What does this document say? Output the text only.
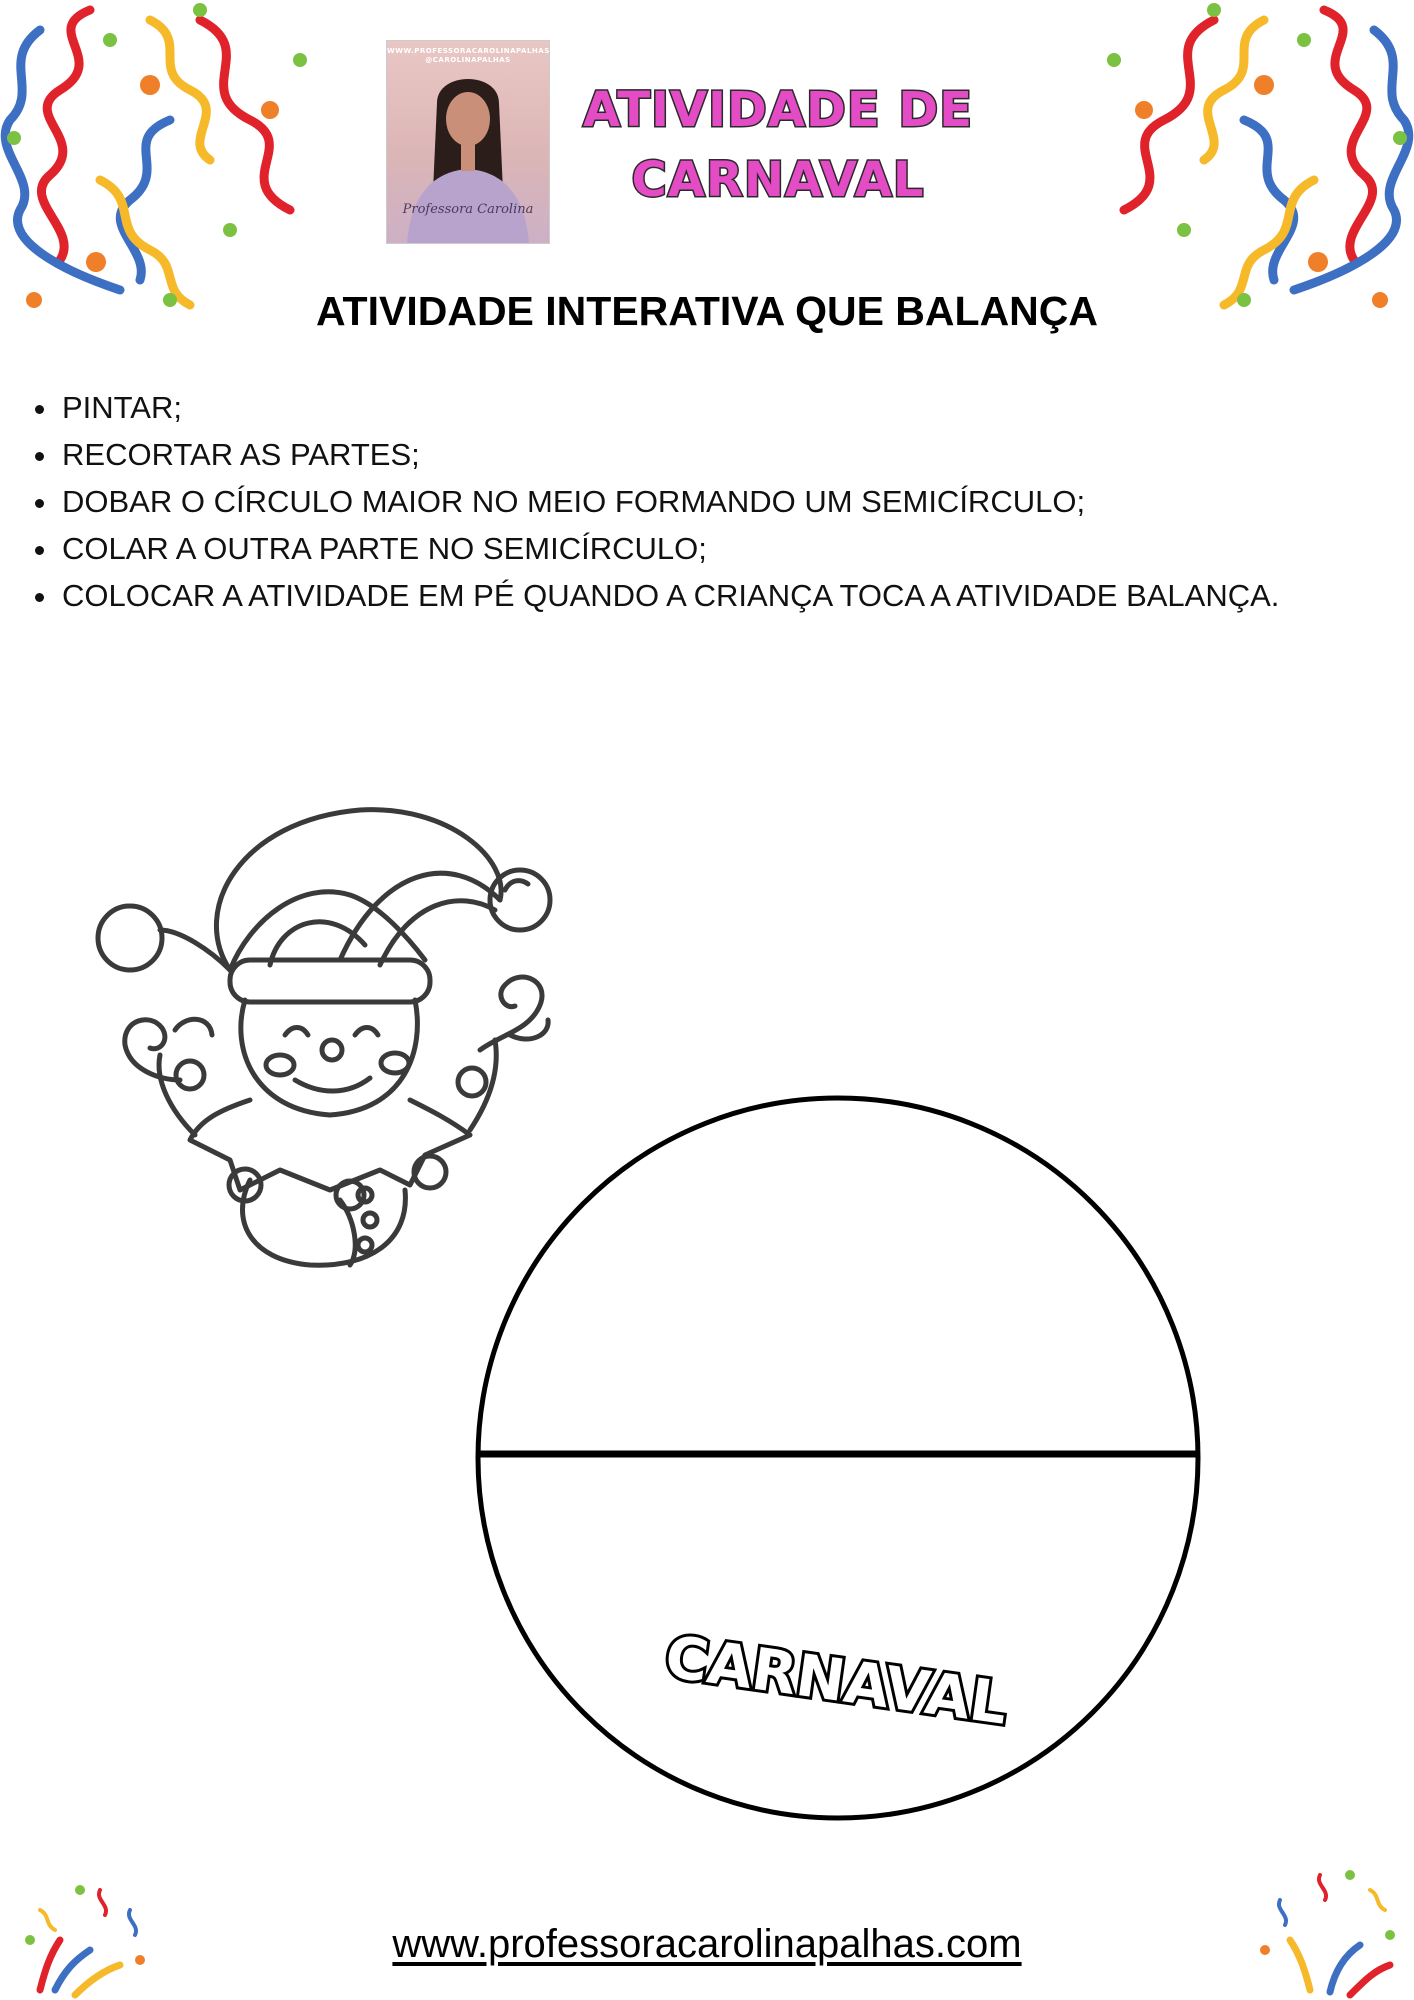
WWW.PROFESSORACAROLINAPALHAS.COM
@CAROLINAPALHAS
Professora Carolina
ATIVIDADE DE
CARNAVAL
ATIVIDADE INTERATIVA QUE BALANÇA
• PINTAR;
• RECORTAR AS PARTES;
• DOBAR O CÍRCULO MAIOR NO MEIO FORMANDO UM SEMICÍRCULO;
• COLAR A OUTRA PARTE NO SEMICÍRCULO;
• COLOCAR A ATIVIDADE EM PÉ QUANDO A CRIANÇA TOCA A ATIVIDADE BALANÇA.
CARNAVAL
www.professoracarolinapalhas.com
